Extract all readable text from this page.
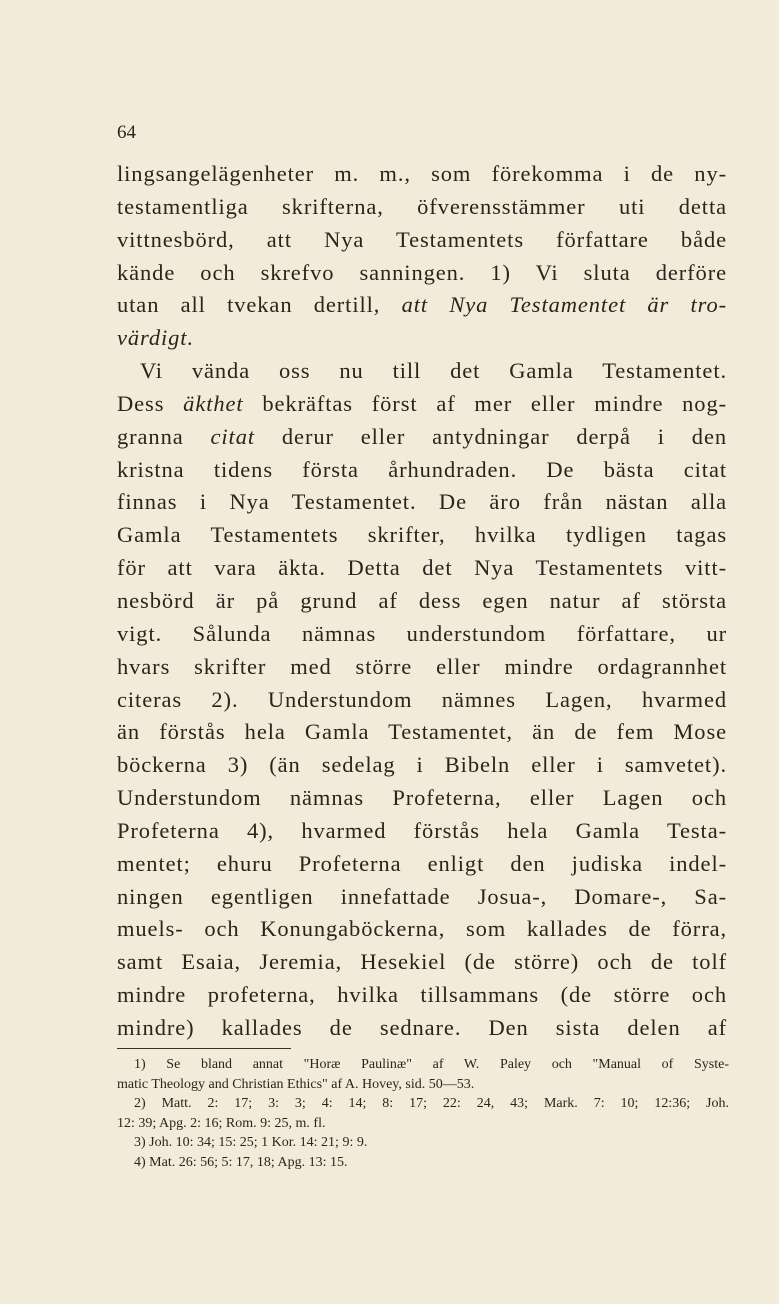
64
lingsangelägenheter m. m., som förekomma i de ny-
testamentliga skrifterna, öfverensstämmer uti detta
vittnesbörd, att Nya Testamentets författare både
kände och skrefvo sanningen. 1) Vi sluta derföre
utan all tvekan dertill, att Nya Testamentet är tro-
värdigt.
Vi vända oss nu till det Gamla Testamentet.
Dess äkthet bekräftas först af mer eller mindre nog-
granna citat derur eller antydningar derpå i den
kristna tidens första århundraden. De bästa citat
finnas i Nya Testamentet. De äro från nästan alla
Gamla Testamentets skrifter, hvilka tydligen tagas
för att vara äkta. Detta det Nya Testamentets vitt-
nesbörd är på grund af dess egen natur af största
vigt. Sålunda nämnas understundom författare, ur
hvars skrifter med större eller mindre ordagrannhet
citeras 2). Understundom nämnes Lagen, hvarmed
än förstås hela Gamla Testamentet, än de fem Mose
böckerna 3) (än sedelag i Bibeln eller i samvetet).
Understundom nämnas Profeterna, eller Lagen och
Profeterna 4), hvarmed förstås hela Gamla Testa-
mentet; ehuru Profeterna enligt den judiska indel-
ningen egentligen innefattade Josua-, Domare-, Sa-
muels- och Konungaböckerna, som kallades de förra,
samt Esaia, Jeremia, Hesekiel (de större) och de tolf
mindre profeterna, hvilka tillsammans (de större och
mindre) kallades de sednare. Den sista delen af
1) Se bland annat "Horæ Paulinæ" af W. Paley och "Manual of Syste-
matic Theology and Christian Ethics" af A. Hovey, sid. 50—53.
2) Matt. 2: 17; 3: 3; 4: 14; 8: 17; 22: 24, 43; Mark. 7: 10; 12:36; Joh.
12: 39; Apg. 2: 16; Rom. 9: 25, m. fl.
3) Joh. 10: 34; 15: 25; 1 Kor. 14: 21; 9: 9.
4) Mat. 26: 56; 5: 17, 18; Apg. 13: 15.
